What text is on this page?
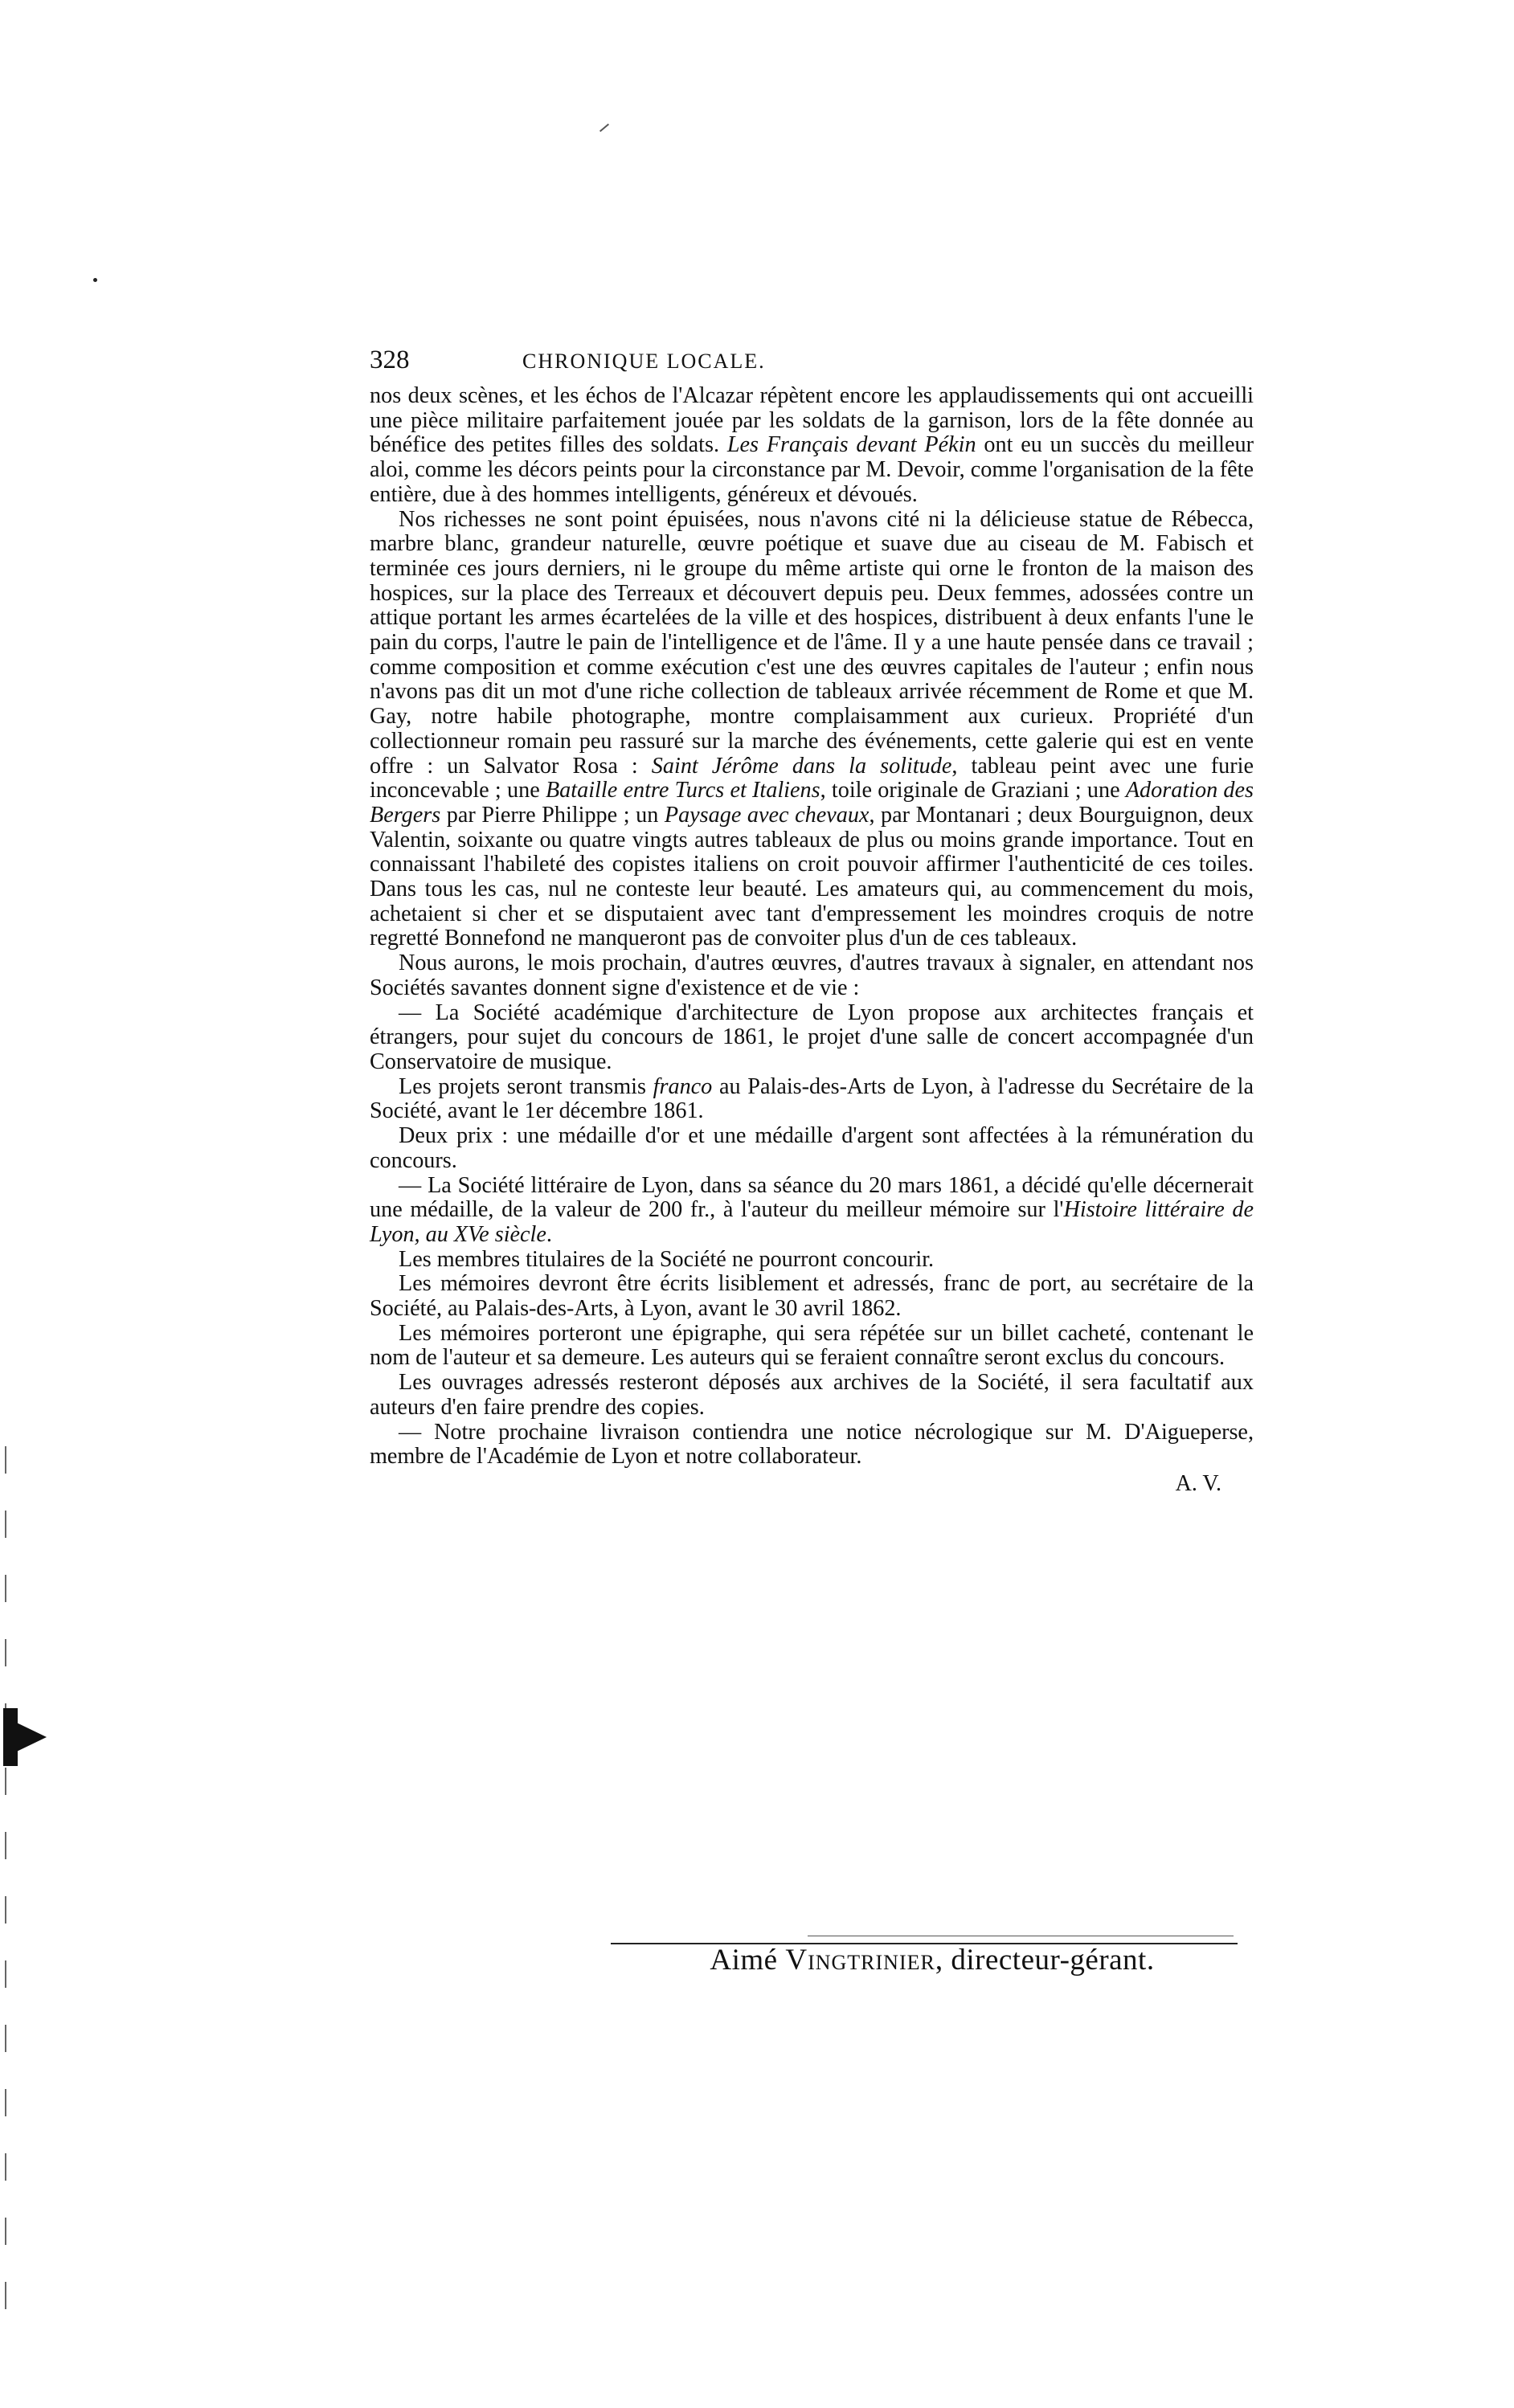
328	CHRONIQUE LOCALE.

nos deux scènes, et les échos de l'Alcazar répètent encore les applaudissements qui ont accueilli une pièce militaire parfaitement jouée par les soldats de la garnison, lors de la fête donnée au bénéfice des petites filles des soldats. Les Français devant Pékin ont eu un succès du meilleur aloi, comme les décors peints pour la circonstance par M. Devoir, comme l'organisation de la fête entière, due à des hommes intelligents, généreux et dévoués.

Nos richesses ne sont point épuisées, nous n'avons cité ni la délicieuse statue de Rébecca, marbre blanc, grandeur naturelle, œuvre poétique et suave due au ciseau de M. Fabisch et terminée ces jours derniers, ni le groupe du même artiste qui orne le fronton de la maison des hospices, sur la place des Terreaux et découvert depuis peu. Deux femmes, adossées contre un attique portant les armes écartelées de la ville et des hospices, distribuent à deux enfants l'une le pain du corps, l'autre le pain de l'intelligence et de l'âme. Il y a une haute pensée dans ce travail ; comme composition et comme exécution c'est une des œuvres capitales de l'auteur ; enfin nous n'avons pas dit un mot d'une riche collection de tableaux arrivée récemment de Rome et que M. Gay, notre habile photographe, montre complaisamment aux curieux. Propriété d'un collectionneur romain peu rassuré sur la marche des événements, cette galerie qui est en vente offre : un Salvator Rosa : Saint Jérôme dans la solitude, tableau peint avec une furie inconcevable ; une Bataille entre Turcs et Italiens, toile originale de Graziani ; une Adoration des Bergers par Pierre Philippe ; un Paysage avec chevaux, par Montanari ; deux Bourguignon, deux Valentin, soixante ou quatre vingts autres tableaux de plus ou moins grande importance. Tout en connaissant l'habileté des copistes italiens on croit pouvoir affirmer l'authenticité de ces toiles. Dans tous les cas, nul ne conteste leur beauté. Les amateurs qui, au commencement du mois, achetaient si cher et se disputaient avec tant d'empressement les moindres croquis de notre regretté Bonnefond ne manqueront pas de convoiter plus d'un de ces tableaux.

Nous aurons, le mois prochain, d'autres œuvres, d'autres travaux à signaler, en attendant nos Sociétés savantes donnent signe d'existence et de vie :

— La Société académique d'architecture de Lyon propose aux architectes français et étrangers, pour sujet du concours de 1861, le projet d'une salle de concert accompagnée d'un Conservatoire de musique.

Les projets seront transmis franco au Palais-des-Arts de Lyon, à l'adresse du Secrétaire de la Société, avant le 1er décembre 1861.

Deux prix : une médaille d'or et une médaille d'argent sont affectées à la rémunération du concours.

— La Société littéraire de Lyon, dans sa séance du 20 mars 1861, a décidé qu'elle décernerait une médaille, de la valeur de 200 fr., à l'auteur du meilleur mémoire sur l'Histoire littéraire de Lyon, au XVe siècle.

Les membres titulaires de la Société ne pourront concourir.

Les mémoires devront être écrits lisiblement et adressés, franc de port, au secrétaire de la Société, au Palais-des-Arts, à Lyon, avant le 30 avril 1862.

Les mémoires porteront une épigraphe, qui sera répétée sur un billet cacheté, contenant le nom de l'auteur et sa demeure. Les auteurs qui se feraient connaître seront exclus du concours.

Les ouvrages adressés resteront déposés aux archives de la Société, il sera facultatif aux auteurs d'en faire prendre des copies.

— Notre prochaine livraison contiendra une notice nécrologique sur M. D'Aigueperse, membre de l'Académie de Lyon et notre collaborateur.

A. V.
Aimé Vingtrinier, directeur-gérant.
